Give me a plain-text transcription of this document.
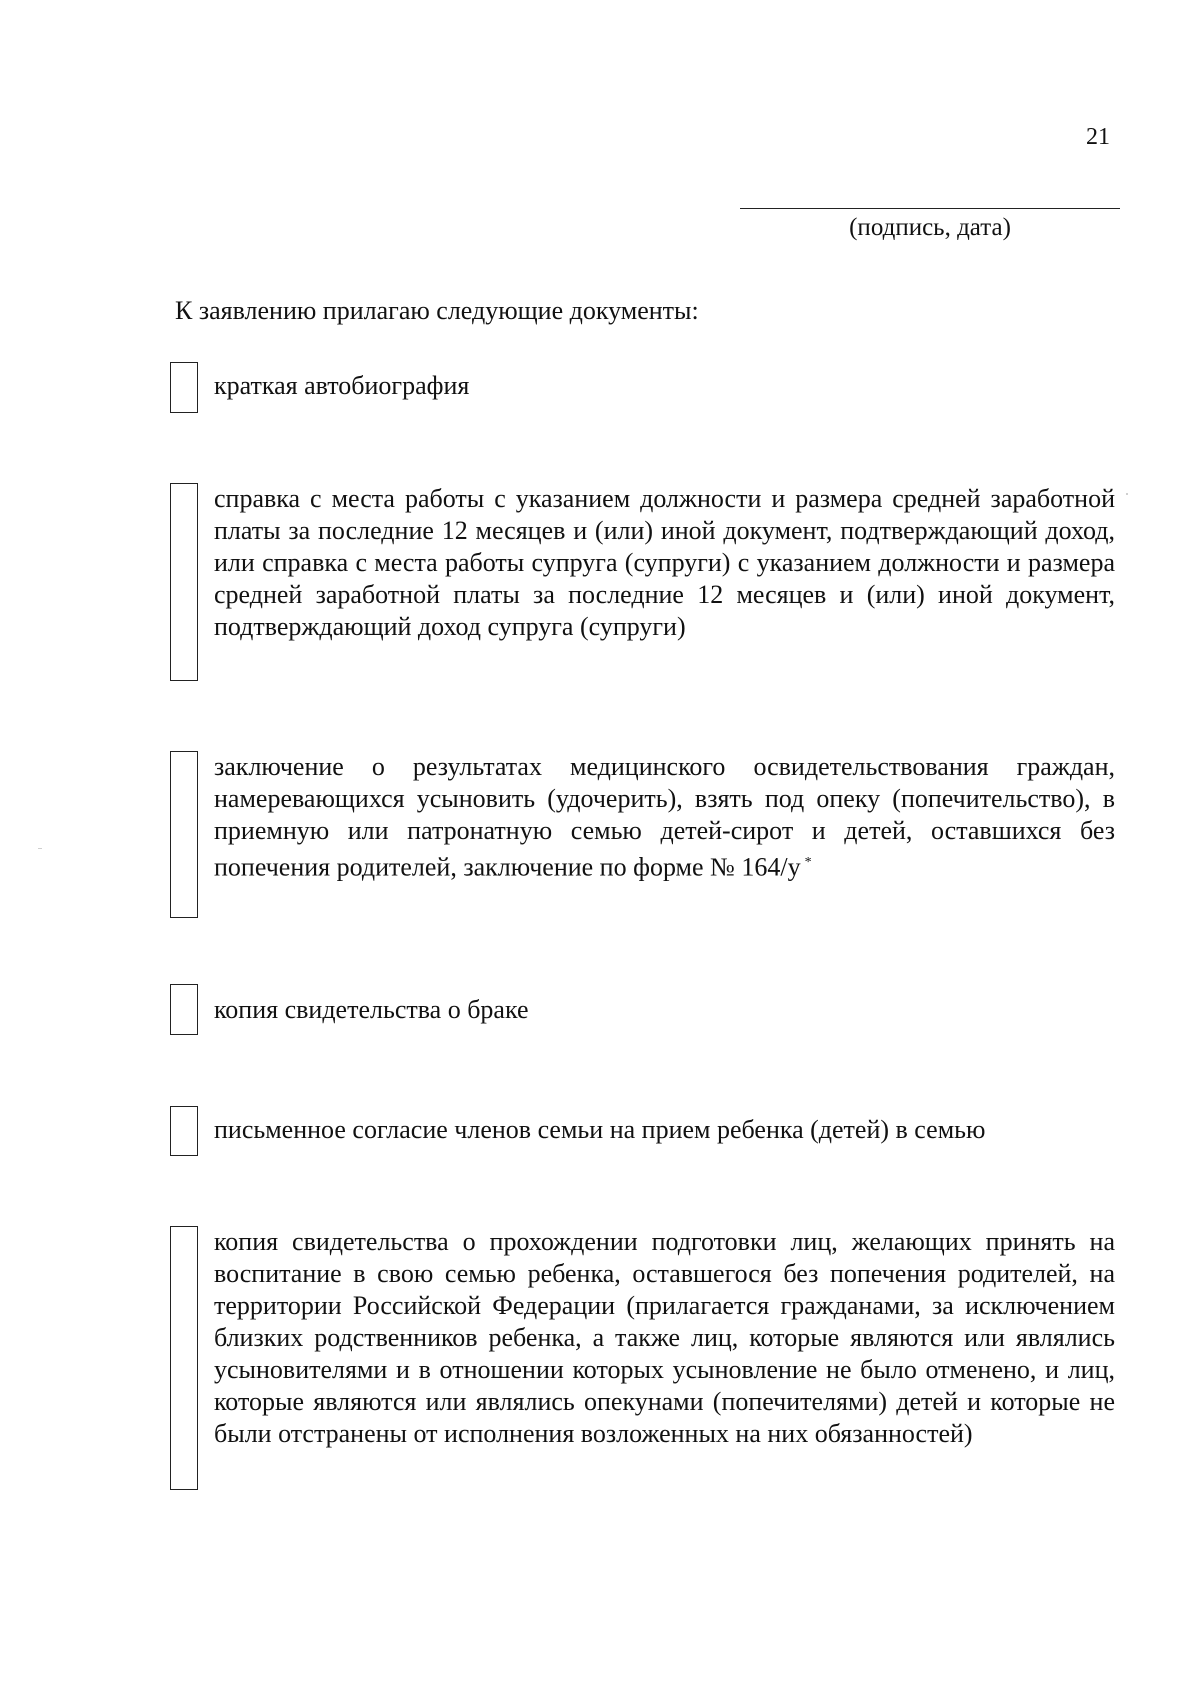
21
(подпись, дата)
К заявлению прилагаю следующие документы:
краткая автобиография
справка с места работы с указанием должности и размера средней заработной платы за последние 12 месяцев и (или) иной документ, подтверждающий доход, или справка с места работы супруга (супруги) с указанием должности и размера средней заработной платы за последние 12 месяцев и (или) иной документ, подтверждающий доход супруга (супруги)
заключение о результатах медицинского освидетельствования граждан, намеревающихся усыновить (удочерить), взять под опеку (попечительство), в приемную или патронатную семью детей-сирот и детей, оставшихся без попечения родителей, заключение по форме № 164/у *
копия свидетельства о браке
письменное согласие членов семьи на прием ребенка (детей) в семью
копия свидетельства о прохождении подготовки лиц, желающих принять на воспитание в свою семью ребенка, оставшегося без попечения родителей, на территории Российской Федерации (прилагается гражданами, за исключением близких родственников ребенка, а также лиц, которые являются или являлись усыновителями и в отношении которых усыновление не было отменено, и лиц, которые являются или являлись опекунами (попечителями) детей и которые не были отстранены от исполнения возложенных на них обязанностей)
